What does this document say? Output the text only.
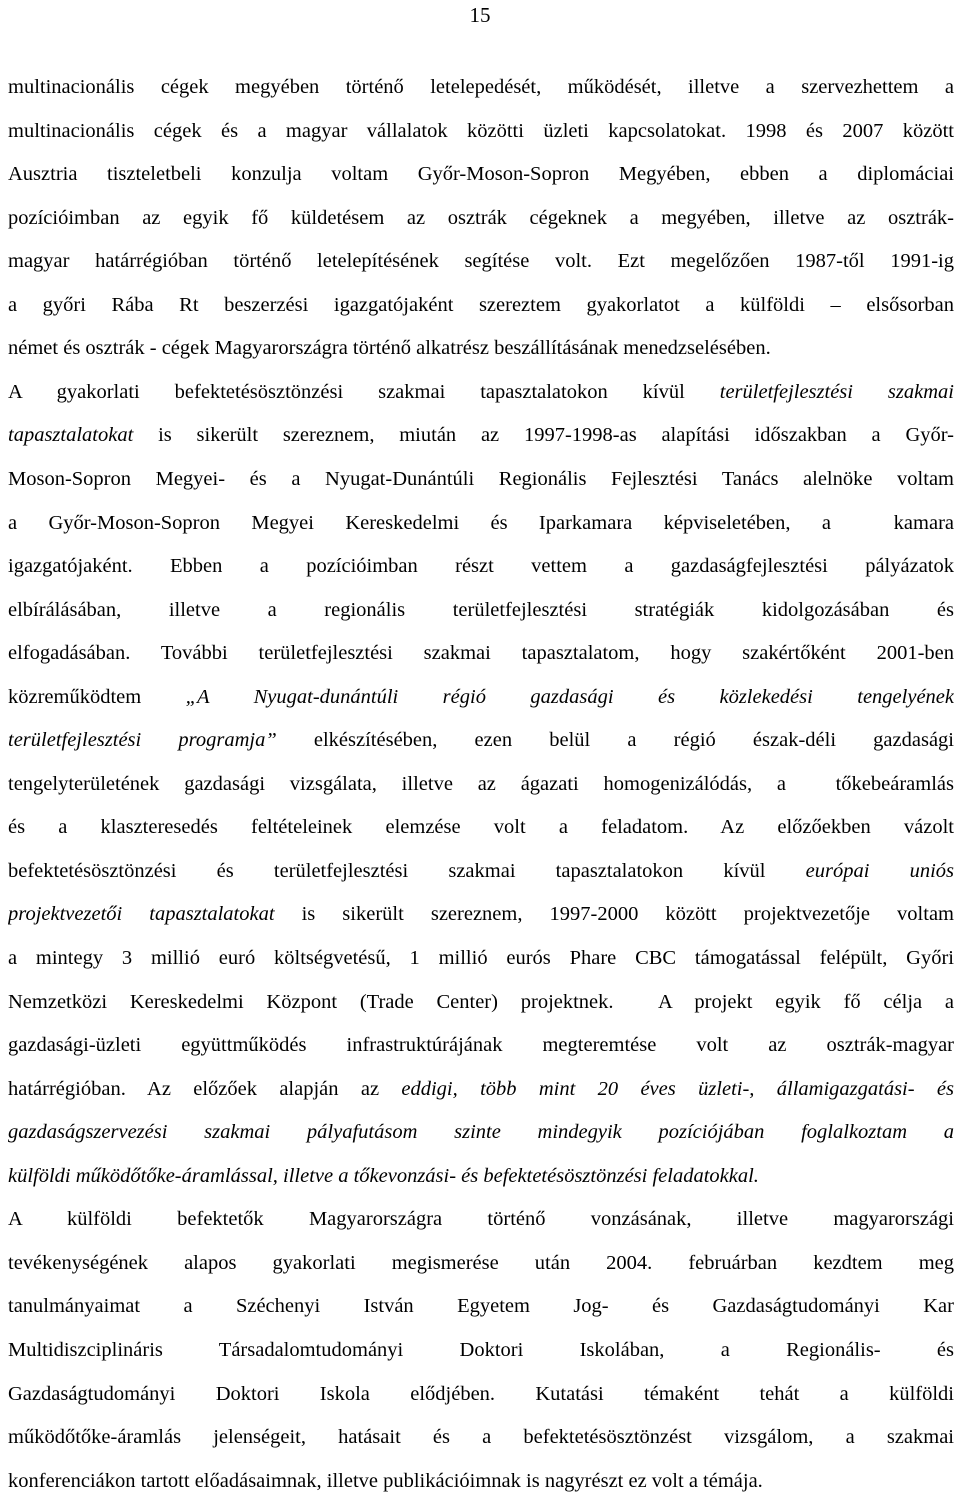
15
multinacionális cégek megyében történő letelepedését, működését, illetve a szervezhettem a
multinacionális cégek és a magyar vállalatok közötti üzleti kapcsolatokat. 1998 és 2007 között
Ausztria tiszteletbeli konzulja voltam Győr-Moson-Sopron Megyében, ebben a diplomáciai
pozícióimban az egyik fő küldetésem az osztrák cégeknek a megyében, illetve az osztrák-
magyar határrégióban történő letelepítésének segítése volt. Ezt megelőzően 1987-től 1991-ig
a győri Rába Rt beszerzési igazgatójaként szereztem gyakorlatot a külföldi – elsősorban
német és osztrák - cégek Magyarországra történő alkatrész beszállításának menedzselésében.
A gyakorlati befektetésösztönzési szakmai tapasztalatokon kívül területfejlesztési szakmai
tapasztalatokat is sikerült szereznem, miután az 1997-1998-as alapítási időszakban a Győr-
Moson-Sopron Megyei- és a Nyugat-Dunántúli Regionális Fejlesztési Tanács alelnöke voltam
a Győr-Moson-Sopron Megyei Kereskedelmi és Iparkamara képviseletében, a  kamara
igazgatójaként. Ebben a pozícióimban részt vettem a gazdaságfejlesztési pályázatok
elbírálásában, illetve a regionális területfejlesztési stratégiák kidolgozásában és
elfogadásában. További területfejlesztési szakmai tapasztalatom, hogy szakértőként 2001-ben
közreműködtem „A Nyugat-dunántúli régió gazdasági és közlekedési tengelyének
területfejlesztési programja” elkészítésében, ezen belül a régió észak-déli gazdasági
tengelyterületének gazdasági vizsgálata, illetve az ágazati homogenizálódás, a  tőkebeáramlás
és a klaszteresedés feltételeinek elemzése volt a feladatom. Az előzőekben vázolt
befektetésösztönzési és területfejlesztési szakmai tapasztalatokon kívül európai uniós
projektvezetői tapasztalatokat is sikerült szereznem, 1997-2000 között projektvezetője voltam
a mintegy 3 millió euró költségvetésű, 1 millió eurós Phare CBC támogatással felépült, Győri
Nemzetközi Kereskedelmi Központ (Trade Center) projektnek.  A projekt egyik fő célja a
gazdasági-üzleti együttműködés infrastruktúrájának megteremtése volt az osztrák-magyar
határrégióban. Az előzőek alapján az eddigi, több mint 20 éves üzleti-, államigazgatási- és
gazdaságszervezési szakmai pályafutásom szinte mindegyik pozíciójában foglalkoztam a
külföldi működőtőke-áramlással, illetve a tőkevonzási- és befektetésösztönzési feladatokkal.
A külföldi befektetők Magyarországra történő vonzásának, illetve magyarországi
tevékenységének alapos gyakorlati megismerése után 2004. februárban kezdtem meg
tanulmányaimat a Széchenyi István Egyetem Jog- és Gazdaságtudományi Kar
Multidiszciplináris Társadalomtudományi Doktori Iskolában, a Regionális- és
Gazdaságtudományi Doktori Iskola elődjében. Kutatási témaként tehát a külföldi
működőtőke-áramlás jelenségeit, hatásait és a befektetésösztönzést vizsgálom, a szakmai
konferenciákon tartott előadásaimnak, illetve publikációimnak is nagyrészt ez volt a témája.
